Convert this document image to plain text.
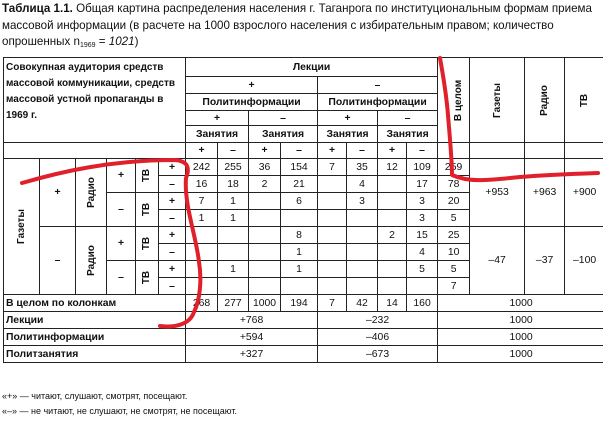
Таблица 1.1. Общая картина распределения населения г. Таганрога по институциональным формам приема массовой информации (в расчете на 1000 взрослого населения с избирательным правом; количество опрошенных $n_{1969} = 1021$)
Совокупная аудитория средств массовой коммуникации, средств массовой устной пропаганды в 1969 г.						Лекции								В целом	Газеты	Радио	ТВ
						+				–							
						Политинформации				Политинформации							
						+		–		+		–					
						Занятия		Занятия		Занятия		Занятия					
						+	–	+	–	+	–	+	–				
Газеты	+	Радио	+	ТВ	+	242	255	36	154	7	35	12	109	259	+953	+963	+900
					–	16	18	2	21		4		17	78			
			–	ТВ	+	7	1		6		3		3	20			
					–	1	1						3	5			
	–	Радио	+	ТВ	+				8			2	15	25	–47	–37	–100
					–				1				4	10			
			–	ТВ	+		1		1				5	5			
					–									7			
В целом по колонкам						268	277	1000	194	7	42	14	160	1000			
Лекции						+768				–232				1000			
Политинформации						+594				–406				1000			
Политзанятия						+327				–673				1000			
«+» — читают, слушают, смотрят, посещают.
«–» — не читают, не слушают, не смотрят, не посещают.
